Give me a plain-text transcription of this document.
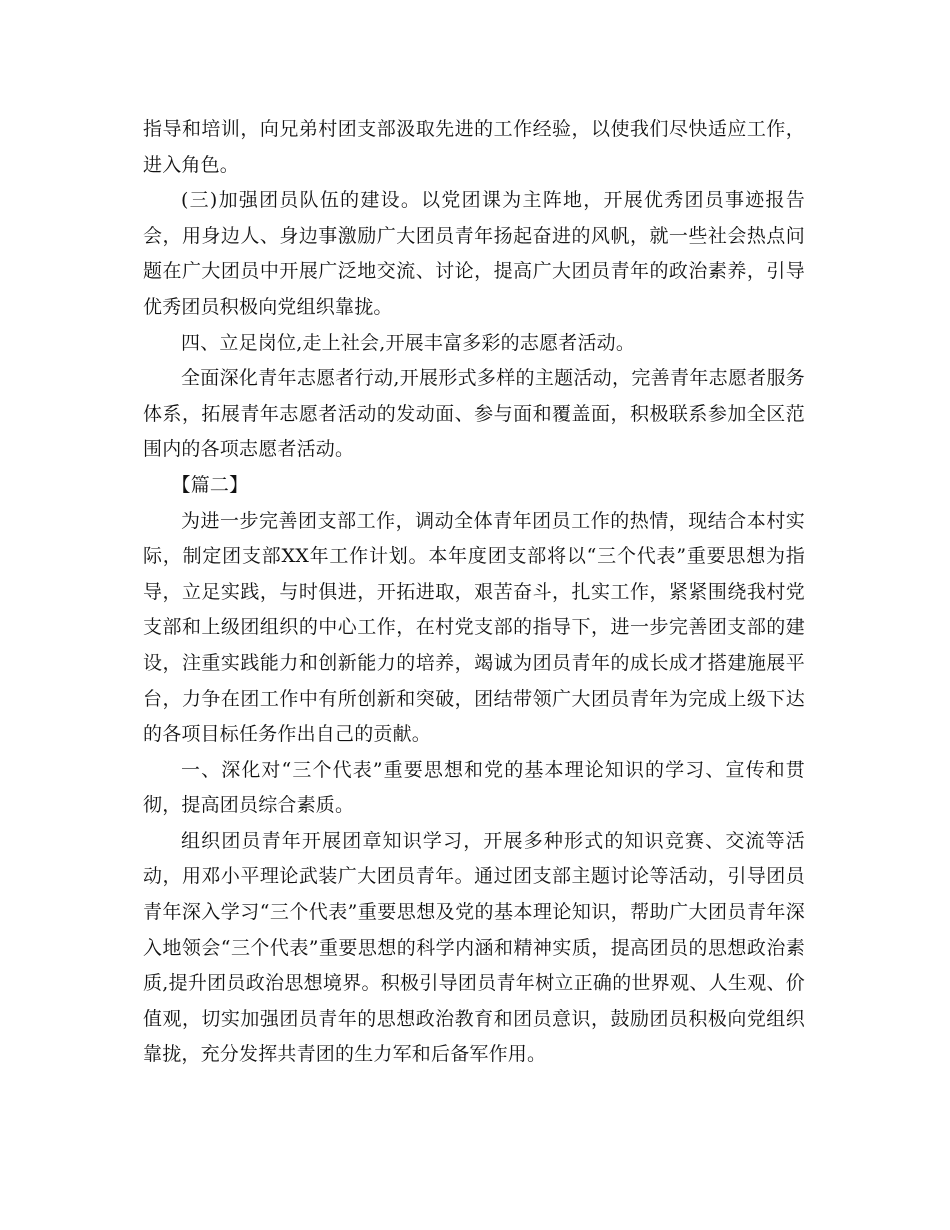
指导和培训，向兄弟村团支部汲取先进的工作经验，以使我们尽快适应工作，进入角色。

(三)加强团员队伍的建设。以党团课为主阵地，开展优秀团员事迹报告会，用身边人、身边事激励广大团员青年扬起奋进的风帆，就一些社会热点问题在广大团员中开展广泛地交流、讨论，提高广大团员青年的政治素养，引导优秀团员积极向党组织靠拢。

四、立足岗位,走上社会,开展丰富多彩的志愿者活动。

全面深化青年志愿者行动,开展形式多样的主题活动，完善青年志愿者服务体系，拓展青年志愿者活动的发动面、参与面和覆盖面，积极联系参加全区范围内的各项志愿者活动。

【篇二】

为进一步完善团支部工作，调动全体青年团员工作的热情，现结合本村实际，制定团支部XX年工作计划。本年度团支部将以“三个代表”重要思想为指导，立足实践，与时俱进，开拓进取，艰苦奋斗，扎实工作，紧紧围绕我村党支部和上级团组织的中心工作，在村党支部的指导下，进一步完善团支部的建设，注重实践能力和创新能力的培养，竭诚为团员青年的成长成才搭建施展平台，力争在团工作中有所创新和突破，团结带领广大团员青年为完成上级下达的各项目标任务作出自己的贡献。

一、深化对“三个代表”重要思想和党的基本理论知识的学习、宣传和贯彻，提高团员综合素质。

组织团员青年开展团章知识学习，开展多种形式的知识竞赛、交流等活动，用邓小平理论武装广大团员青年。通过团支部主题讨论等活动，引导团员青年深入学习“三个代表”重要思想及党的基本理论知识，帮助广大团员青年深入地领会“三个代表”重要思想的科学内涵和精神实质，提高团员的思想政治素质,提升团员政治思想境界。积极引导团员青年树立正确的世界观、人生观、价值观，切实加强团员青年的思想政治教育和团员意识，鼓励团员积极向党组织靠拢，充分发挥共青团的生力军和后备军作用。
